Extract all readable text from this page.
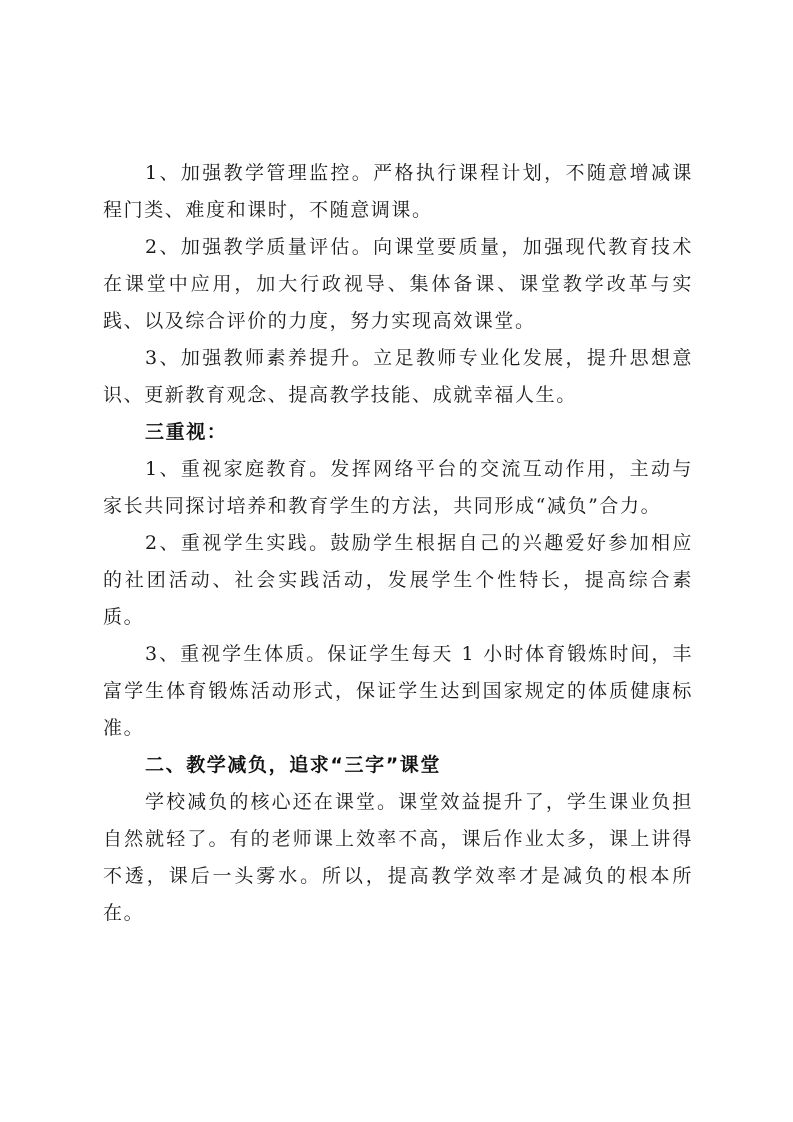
1、加强教学管理监控。严格执行课程计划，不随意增减课程门类、难度和课时，不随意调课。

2、加强教学质量评估。向课堂要质量，加强现代教育技术在课堂中应用，加大行政视导、集体备课、课堂教学改革与实践、以及综合评价的力度，努力实现高效课堂。

3、加强教师素养提升。立足教师专业化发展，提升思想意识、更新教育观念、提高教学技能、成就幸福人生。

三重视：

1、重视家庭教育。发挥网络平台的交流互动作用，主动与家长共同探讨培养和教育学生的方法，共同形成“减负”合力。

2、重视学生实践。鼓励学生根据自己的兴趣爱好参加相应的社团活动、社会实践活动，发展学生个性特长，提高综合素质。

3、重视学生体质。保证学生每天 1 小时体育锻炼时间，丰富学生体育锻炼活动形式，保证学生达到国家规定的体质健康标准。

二、教学减负，追求“三字”课堂

学校减负的核心还在课堂。课堂效益提升了，学生课业负担自然就轻了。有的老师课上效率不高，课后作业太多，课上讲得不透，课后一头雾水。所以，提高教学效率才是减负的根本所在。
